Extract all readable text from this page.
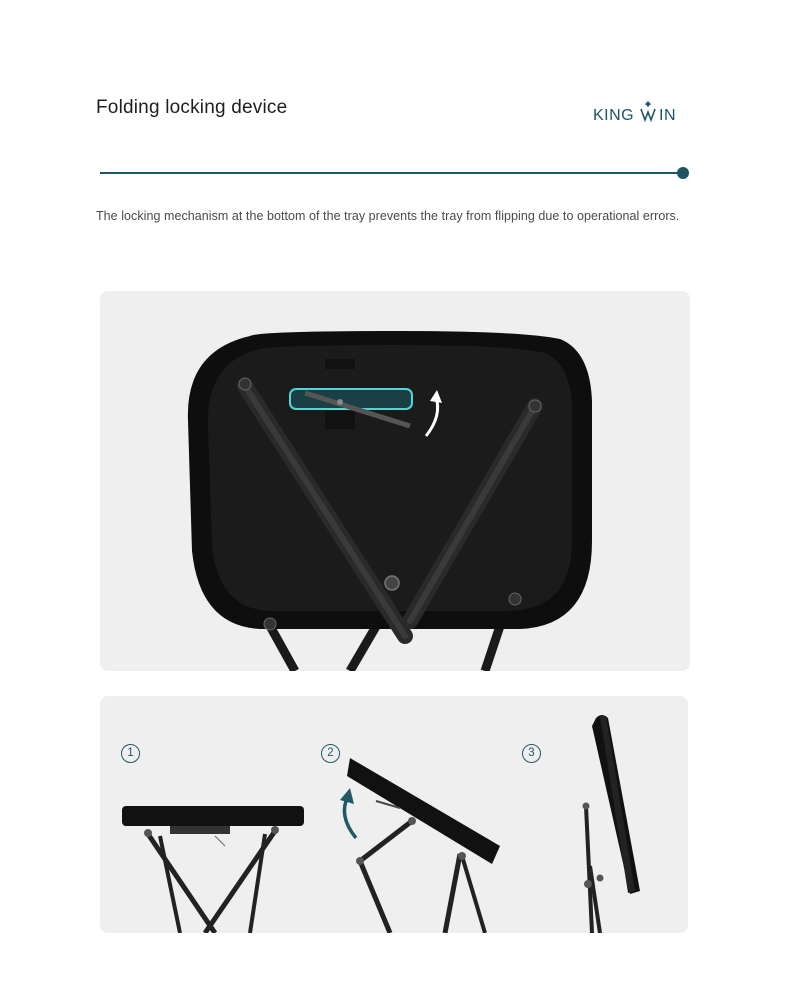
Folding locking device	KING IN
The locking mechanism at the bottom of the tray prevents the tray from flipping due to operational errors.
1	2	3
